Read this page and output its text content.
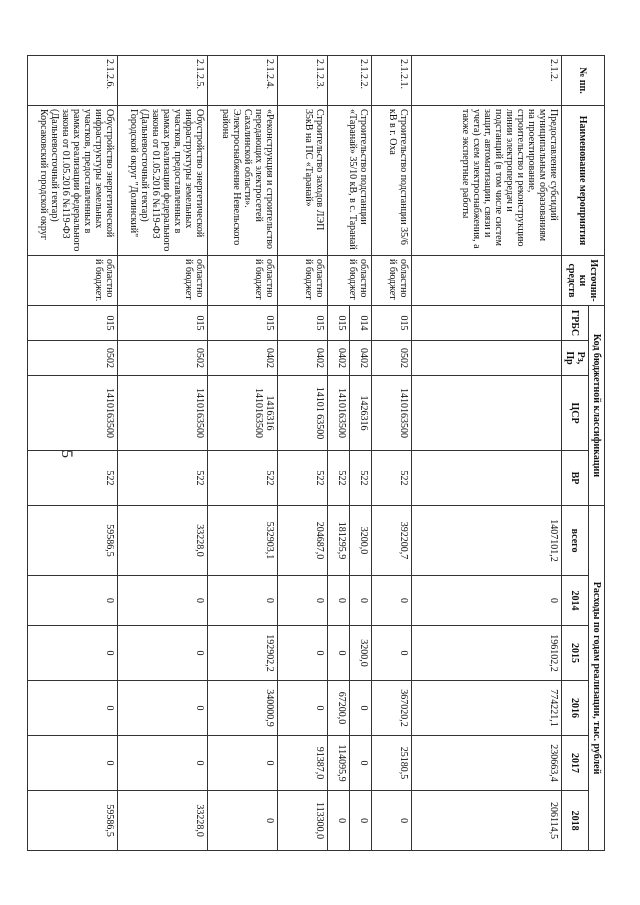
5
№ пп.	Наименование мероприятия	Источни-ки средств	Код бюджетной классификации				Расходы по годам реализации, тыс. рублей					
			ГРБС	Рз, Пр	ЦСР	ВР	всего	2014	2015	2016	2017	2018
2.1.2.	Предоставление субсидий муниципальным образованиям на проектирование, строительство и реконструкцию линии электропередач и подстанций (в том числе систем защит, автоматизации, связи и учета) схем электроснабжения, а также экспертные работы						1407101,2	0	196102,2	774221,1	230663,4	206114,5
2.1.2.1.	Строительство подстанции 35/6 кВ в г. Оха	областной бюджет	015	0502	1410163500	522	392200,7	0	0	367020,2	25180,5	0
2.1.2.2.	Строительство подстанции «Таранай» 35/10 кВ, в с. Таранай	областной бюджет	014	0402	1426316	522	3200,0	0	3200,0	0	0	0
			015	0402	1410163500	522	181295,9	0	0	67200,0	114095,9	0
2.1.2.3.	Строительство заходов ЛЭП 35кВ на ПС «Таранай»	областной бюджет	015	0402	14101 63500	522	204687,0	0	0	0	91387,0	113300,0
2.1.2.4.	«Реконструкция и строительство передающих электросетей Сахалинской области». Электроснабжение Невельского района	областной бюджет	015	0402	1416316 1410163500	522	532903,1	0	192902,2	340000,9	0	0
2.1.2.5.	Обустройство энергетической инфраструктуры земельных участков, предоставленных в рамках реализации федерального закона от 01.05.2016 №119-ФЗ (Дальневосточный гектар) Городской округ "Долинский"	областной бюджет	015	0502	1410163500	522	33228,0	0	0	0	0	33228,0
2.1.2.6.	Обустройство энергетической инфраструктуры земельных участков, предоставленных в рамках реализации федерального закона от 01.05.2016 №119-ФЗ (Дальневосточный гектар) Корсаковский городской округ	областной бюджет.	015	0502	1410163500	522	59586,5	0	0	0	0	59586,5
